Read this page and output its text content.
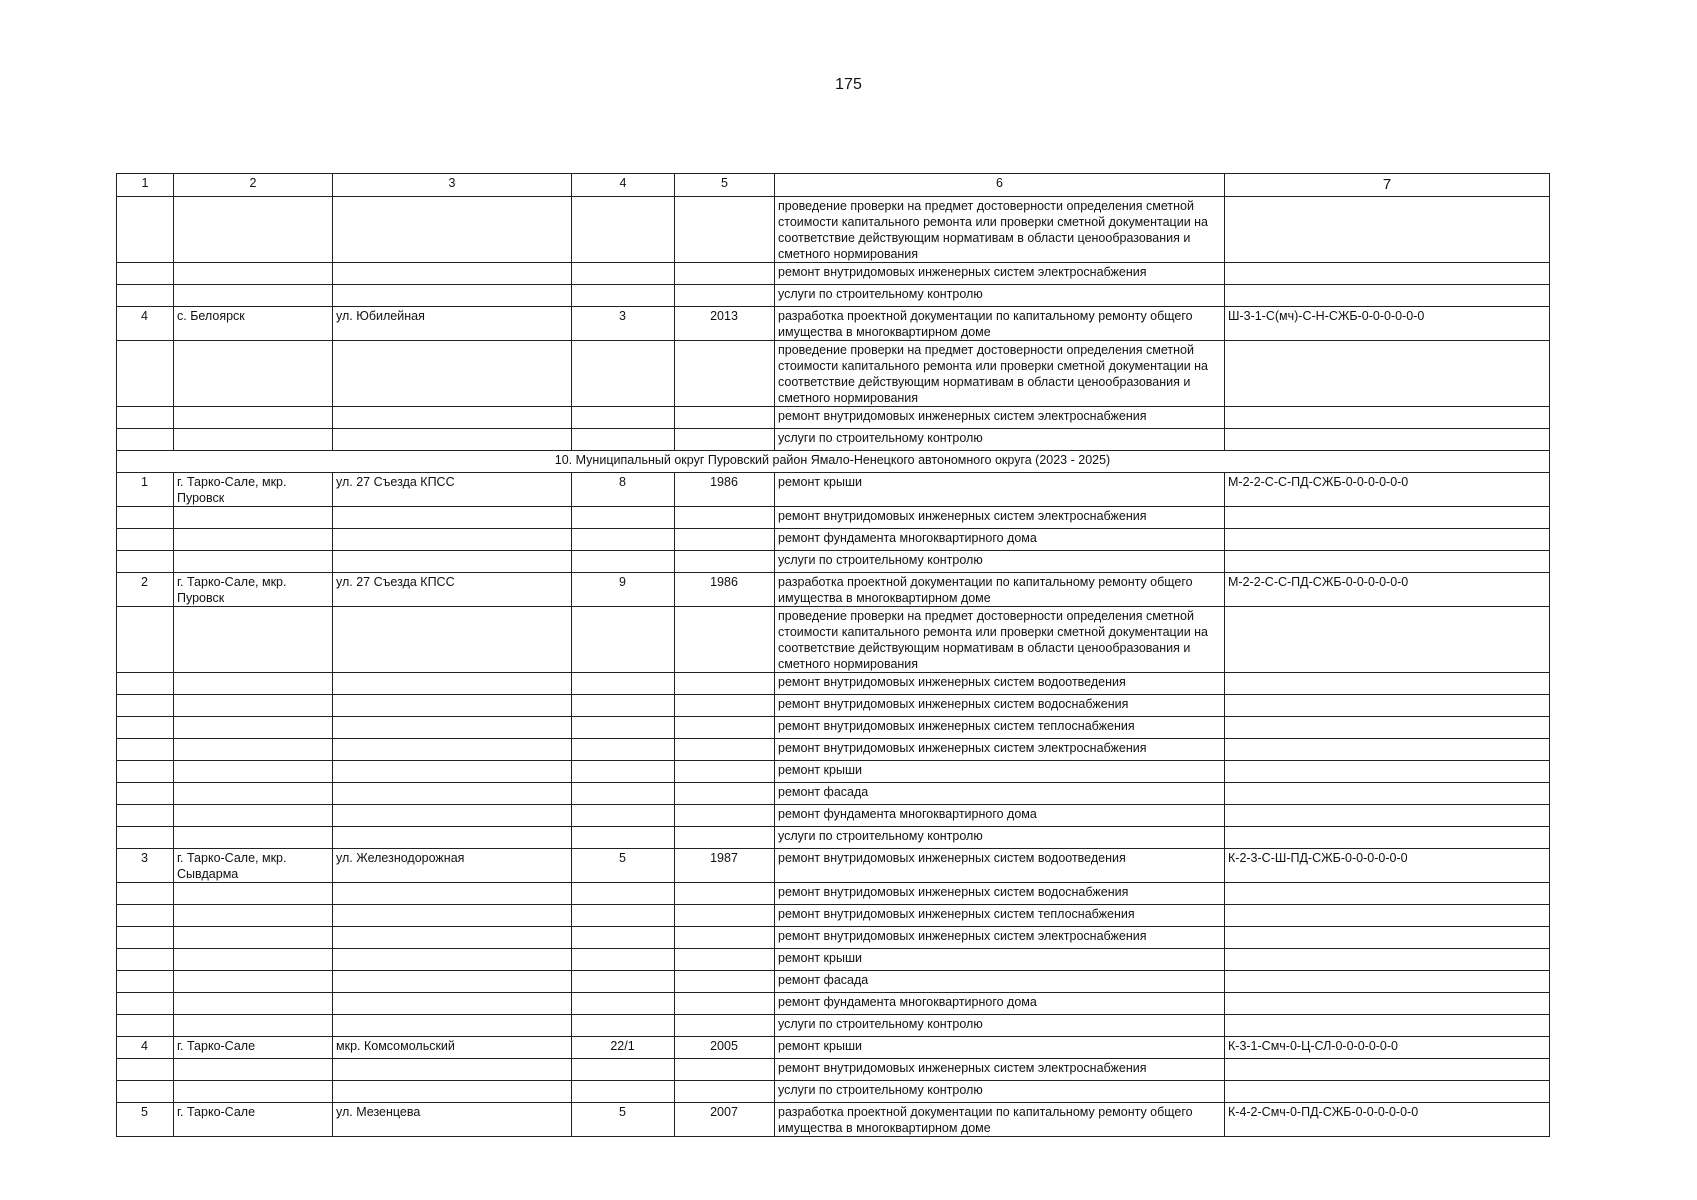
175
1	2	3	4	5	6	7
					проведение проверки на предмет достоверности определения сметной стоимости капитального ремонта или проверки сметной документации на соответствие действующим нормативам в области ценообразования и сметного нормирования	
					ремонт внутридомовых инженерных систем электроснабжения	
					услуги по строительному контролю	
4	с. Белоярск	ул. Юбилейная	3	2013	разработка проектной документации по капитальному ремонту общего имущества в многоквартирном доме	Ш-3-1-С(мч)-С-Н-СЖБ-0-0-0-0-0-0
					проведение проверки на предмет достоверности определения сметной стоимости капитального ремонта или проверки сметной документации на соответствие действующим нормативам в области ценообразования и сметного нормирования	
					ремонт внутридомовых инженерных систем электроснабжения	
					услуги по строительному контролю	
10. Муниципальный округ Пуровский район Ямало-Ненецкого автономного округа (2023 - 2025)						
1	г. Тарко-Сале, мкр. Пуровск	ул. 27 Съезда КПСС	8	1986	ремонт крыши	М-2-2-С-С-ПД-СЖБ-0-0-0-0-0-0
					ремонт внутридомовых инженерных систем электроснабжения	
					ремонт фундамента многоквартирного дома	
					услуги по строительному контролю	
2	г. Тарко-Сале, мкр. Пуровск	ул. 27 Съезда КПСС	9	1986	разработка проектной документации по капитальному ремонту общего имущества в многоквартирном доме	М-2-2-С-С-ПД-СЖБ-0-0-0-0-0-0
					проведение проверки на предмет достоверности определения сметной стоимости капитального ремонта или проверки сметной документации на соответствие действующим нормативам в области ценообразования и сметного нормирования	
					ремонт внутридомовых инженерных систем водоотведения	
					ремонт внутридомовых инженерных систем водоснабжения	
					ремонт внутридомовых инженерных систем теплоснабжения	
					ремонт внутридомовых инженерных систем электроснабжения	
					ремонт крыши	
					ремонт фасада	
					ремонт фундамента многоквартирного дома	
					услуги по строительному контролю	
3	г. Тарко-Сале, мкр. Сывдарма	ул. Железнодорожная	5	1987	ремонт внутридомовых инженерных систем водоотведения	К-2-3-С-Ш-ПД-СЖБ-0-0-0-0-0-0
					ремонт внутридомовых инженерных систем водоснабжения	
					ремонт внутридомовых инженерных систем теплоснабжения	
					ремонт внутридомовых инженерных систем электроснабжения	
					ремонт крыши	
					ремонт фасада	
					ремонт фундамента многоквартирного дома	
					услуги по строительному контролю	
4	г. Тарко-Сале	мкр. Комсомольский	22/1	2005	ремонт крыши	К-3-1-Смч-0-Ц-СЛ-0-0-0-0-0-0
					ремонт внутридомовых инженерных систем электроснабжения	
					услуги по строительному контролю	
5	г. Тарко-Сале	ул. Мезенцева	5	2007	разработка проектной документации по капитальному ремонту общего имущества в многоквартирном доме	К-4-2-Смч-0-ПД-СЖБ-0-0-0-0-0-0
